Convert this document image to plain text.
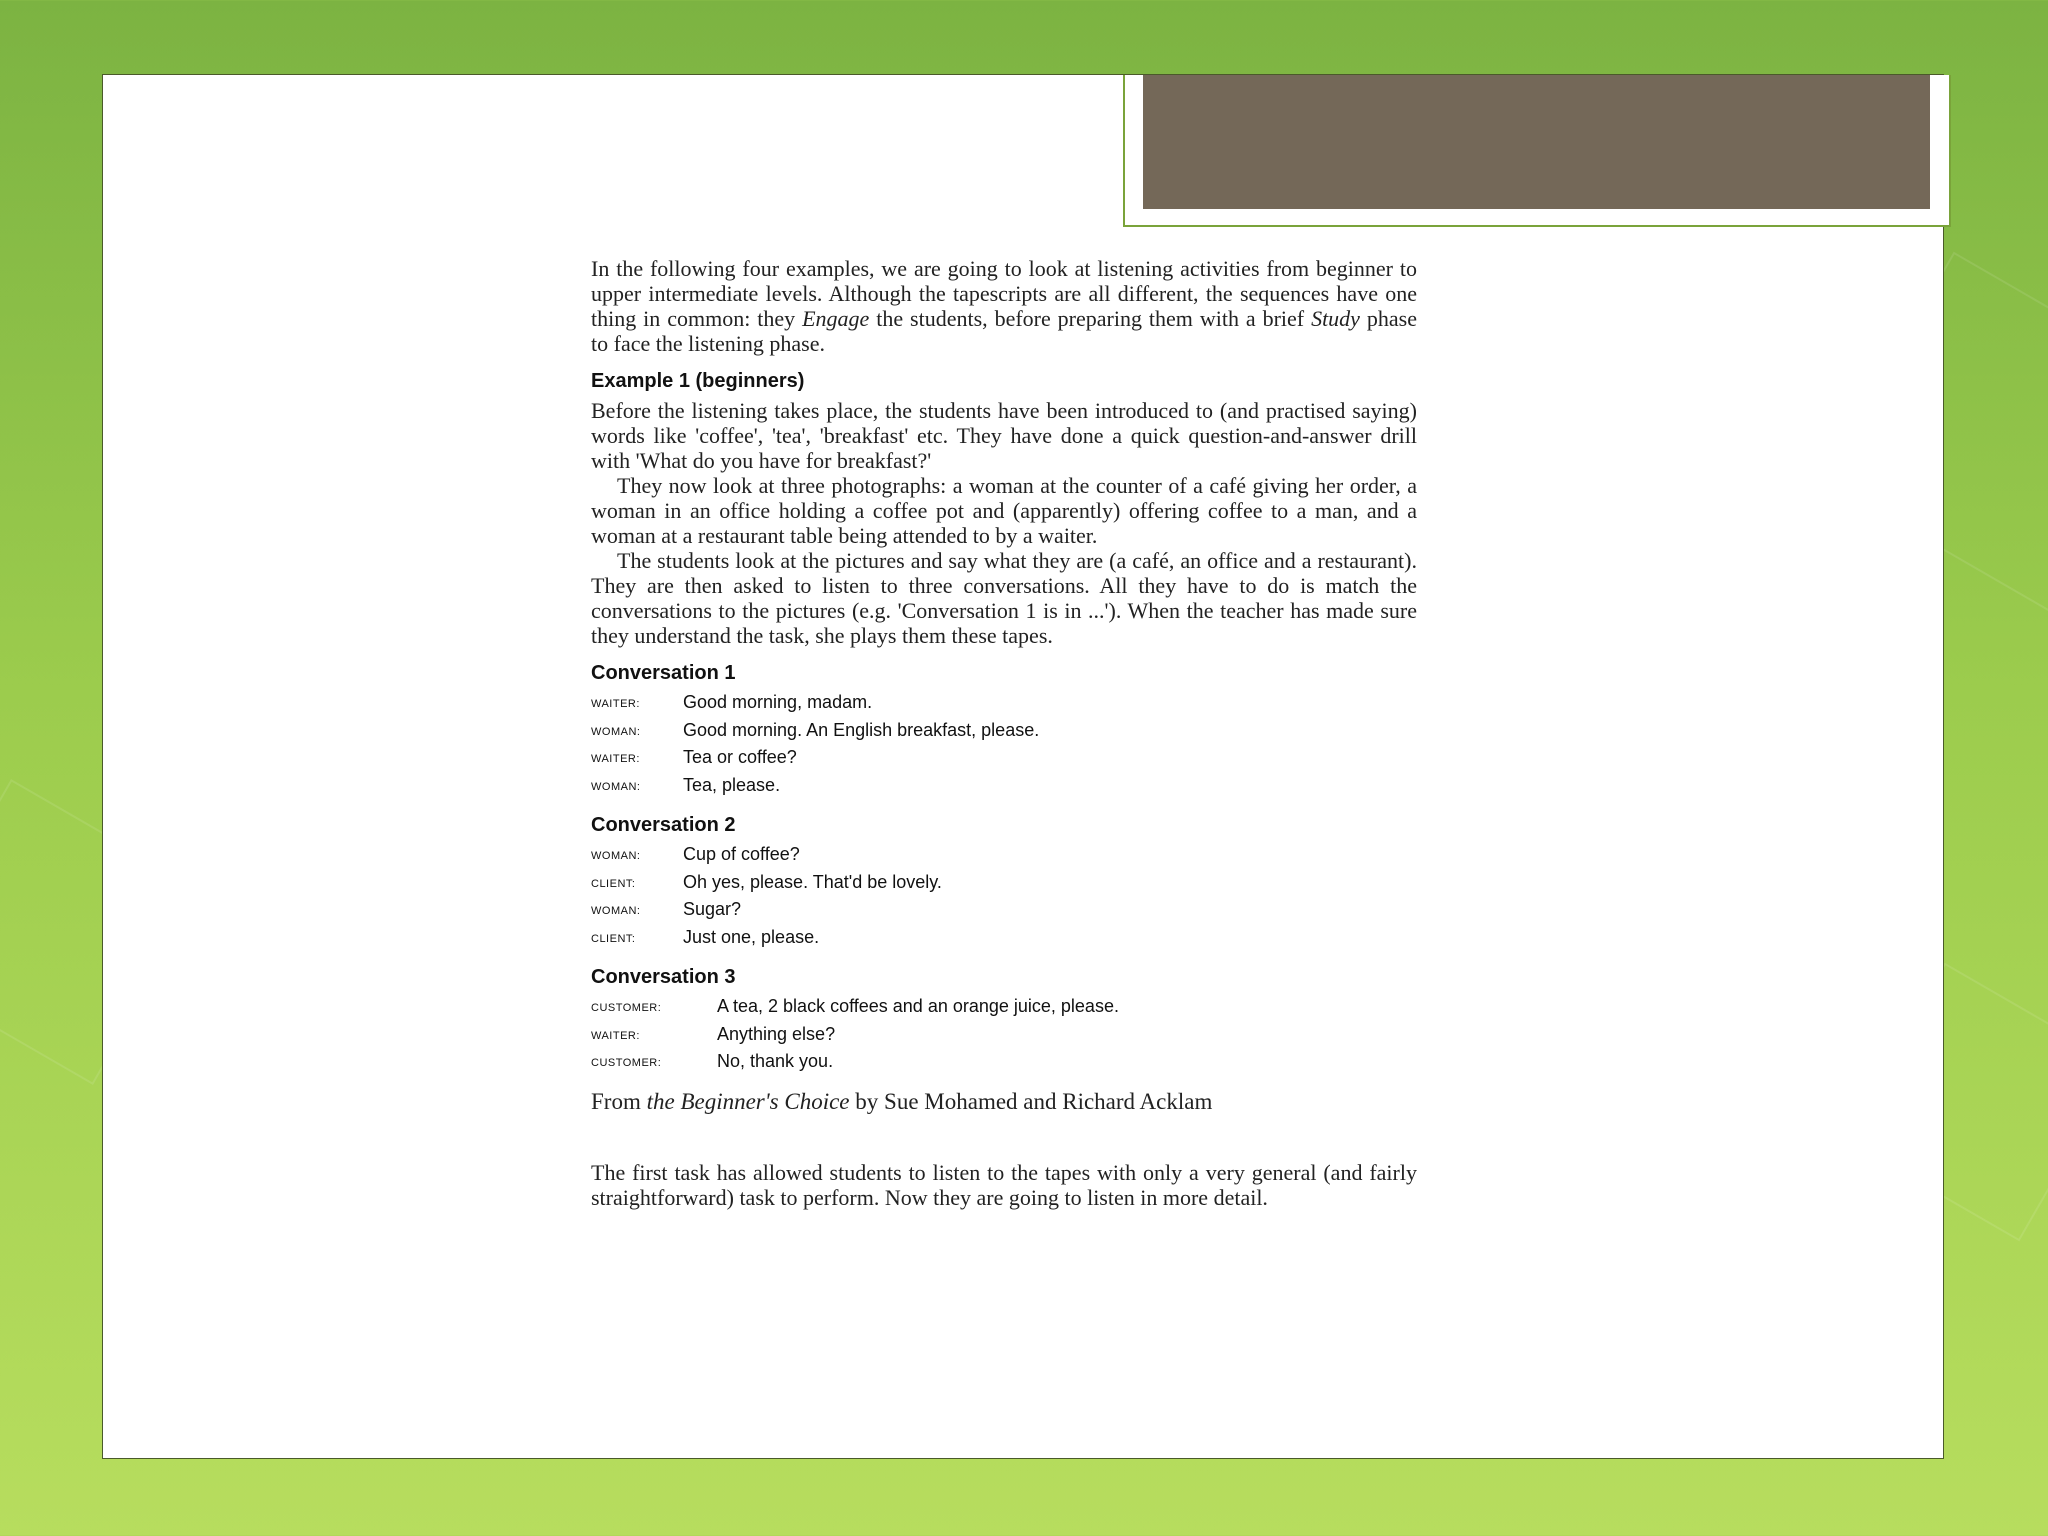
In the following four examples, we are going to look at listening activities from beginner to upper intermediate levels. Although the tapescripts are all different, the sequences have one thing in common: they Engage the students, before preparing them with a brief Study phase to face the listening phase.

Example 1 (beginners)

Before the listening takes place, the students have been introduced to (and practised saying) words like 'coffee', 'tea', 'breakfast' etc. They have done a quick question-and-answer drill with 'What do you have for breakfast?'

They now look at three photographs: a woman at the counter of a café giving her order, a woman in an office holding a coffee pot and (apparently) offering coffee to a man, and a woman at a restaurant table being attended to by a waiter.

The students look at the pictures and say what they are (a café, an office and a restaurant). They are then asked to listen to three conversations. All they have to do is match the conversations to the pictures (e.g. 'Conversation 1 is in ...'). When the teacher has made sure they understand the task, she plays them these tapes.

Conversation 1
WAITER:	Good morning, madam.
WOMAN:	Good morning. An English breakfast, please.
WAITER:	Tea or coffee?
WOMAN:	Tea, please.
Conversation 2
WOMAN:	Cup of coffee?
CLIENT:	Oh yes, please. That'd be lovely.
WOMAN:	Sugar?
CLIENT:	Just one, please.
Conversation 3
CUSTOMER:	A tea, 2 black coffees and an orange juice, please.
WAITER:	Anything else?
CUSTOMER:	No, thank you.

From the Beginner's Choice by Sue Mohamed and Richard Acklam

The first task has allowed students to listen to the tapes with only a very general (and fairly straightforward) task to perform. Now they are going to listen in more detail.
